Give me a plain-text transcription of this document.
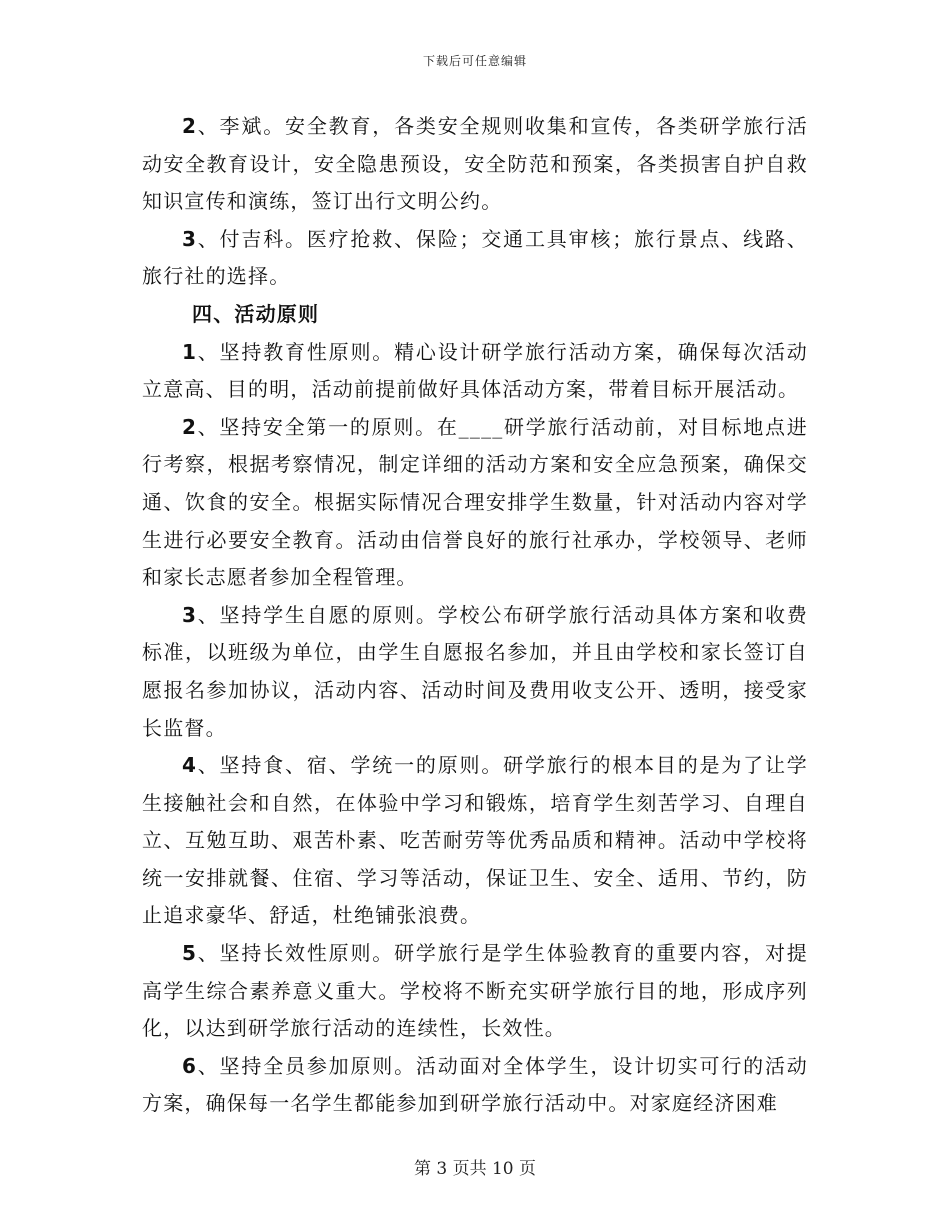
下载后可任意编辑

2、李斌。安全教育，各类安全规则收集和宣传，各类研学旅行活动安全教育设计，安全隐患预设，安全防范和预案，各类损害自护自救知识宣传和演练，签订出行文明公约。

3、付吉科。医疗抢救、保险；交通工具审核；旅行景点、线路、旅行社的选择。

四、活动原则

1、坚持教育性原则。精心设计研学旅行活动方案，确保每次活动立意高、目的明，活动前提前做好具体活动方案，带着目标开展活动。

2、坚持安全第一的原则。在____研学旅行活动前，对目标地点进行考察，根据考察情况，制定详细的活动方案和安全应急预案，确保交通、饮食的安全。根据实际情况合理安排学生数量，针对活动内容对学生进行必要安全教育。活动由信誉良好的旅行社承办，学校领导、老师和家长志愿者参加全程管理。

3、坚持学生自愿的原则。学校公布研学旅行活动具体方案和收费标准，以班级为单位，由学生自愿报名参加，并且由学校和家长签订自愿报名参加协议，活动内容、活动时间及费用收支公开、透明，接受家长监督。

4、坚持食、宿、学统一的原则。研学旅行的根本目的是为了让学生接触社会和自然，在体验中学习和锻炼，培育学生刻苦学习、自理自立、互勉互助、艰苦朴素、吃苦耐劳等优秀品质和精神。活动中学校将统一安排就餐、住宿、学习等活动，保证卫生、安全、适用、节约，防止追求豪华、舒适，杜绝铺张浪费。

5、坚持长效性原则。研学旅行是学生体验教育的重要内容，对提高学生综合素养意义重大。学校将不断充实研学旅行目的地，形成序列化，以达到研学旅行活动的连续性，长效性。

6、坚持全员参加原则。活动面对全体学生，设计切实可行的活动方案，确保每一名学生都能参加到研学旅行活动中。对家庭经济困难

第 3 页共 10 页
